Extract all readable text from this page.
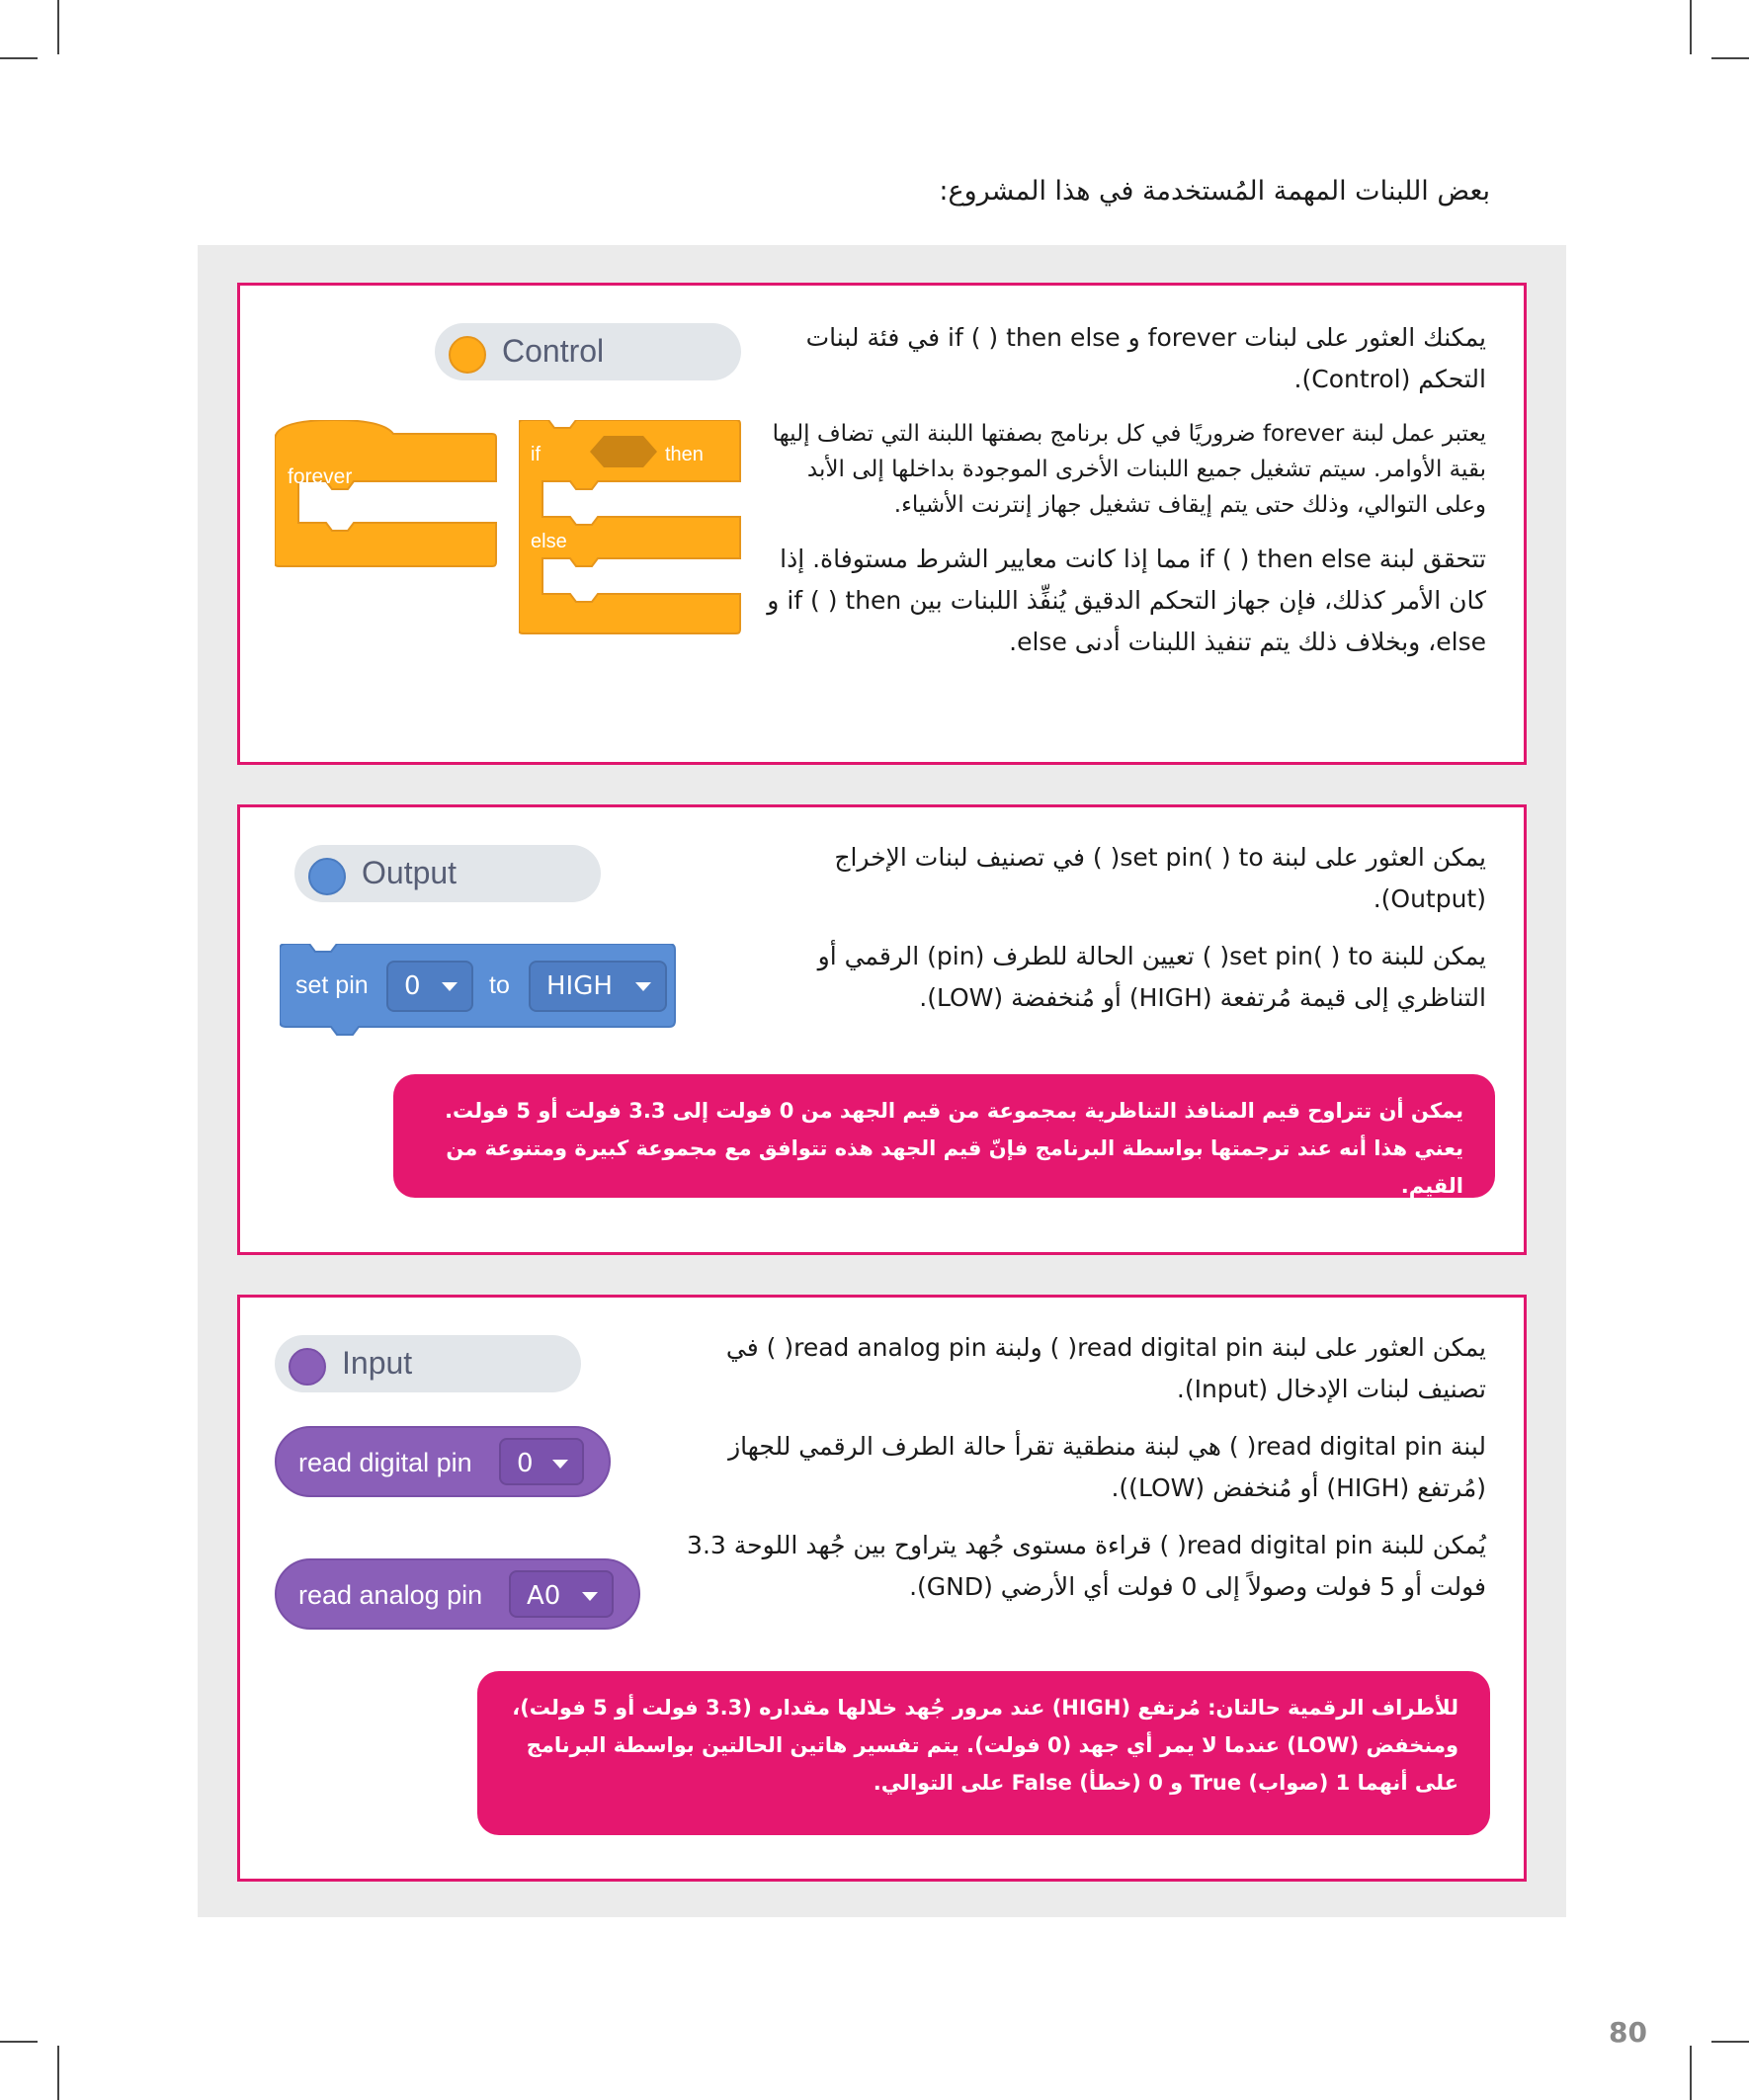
بعض اللبنات المهمة المُستخدمة في هذا المشروع:
Control
forever
if	then
else

يمكنك العثور على لبنات forever و if ( ) then else في فئة لبنات التحكم (Control).

يعتبر عمل لبنة forever ضروريًا في كل برنامج بصفتها اللبنة التي تضاف إليها بقية الأوامر. سيتم تشغيل جميع اللبنات الأخرى الموجودة بداخلها إلى الأبد وعلى التوالي، وذلك حتى يتم إيقاف تشغيل جهاز إنترنت الأشياء.

تتحقق لبنة if ( ) then else مما إذا كانت معايير الشرط مستوفاة. إذا كان الأمر كذلك، فإن جهاز التحكم الدقيق يُنفِّذ اللبنات بين if ( ) then و else، وبخلاف ذلك يتم تنفيذ اللبنات أدنى else.

Output
set pin	0	to	HIGH

يمكن العثور على لبنة set pin( ) to( ) في تصنيف لبنات الإخراج (Output).

يمكن للبنة set pin( ) to( ) تعيين الحالة للطرف (pin) الرقمي أو التناظري إلى قيمة مُرتفعة (HIGH) أو مُنخفضة (LOW).

يمكن أن تتراوح قيم المنافذ التناظرية بمجموعة من قيم الجهد من 0 فولت إلى 3.3 فولت أو 5 فولت. يعني هذا أنه عند ترجمتها بواسطة البرنامج فإنّ قيم الجهد هذه تتوافق مع مجموعة كبيرة ومتنوعة من القيم.
Input
read digital pin	0
read analog pin	A0

يمكن العثور على لبنة read digital pin( ) ولبنة read analog pin( ) في تصنيف لبنات الإدخال (Input).

لبنة read digital pin( ) هي لبنة منطقية تقرأ حالة الطرف الرقمي للجهاز (مُرتفع (HIGH) أو مُنخفض (LOW)).

يُمكن للبنة read digital pin( ) قراءة مستوى جُهد يتراوح بين جُهد اللوحة 3.3 فولت أو 5 فولت وصولاً إلى 0 فولت أي الأرضي (GND).

للأطراف الرقمية حالتان: مُرتفع (HIGH) عند مرور جُهد خلالها مقداره (3.3 فولت أو 5 فولت)، ومنخفض (LOW) عندما لا يمر أي جهد (0 فولت). يتم تفسير هاتين الحالتين بواسطة البرنامج على أنهما 1 (صواب) True و 0 (خطأ) False على التوالي.
80
